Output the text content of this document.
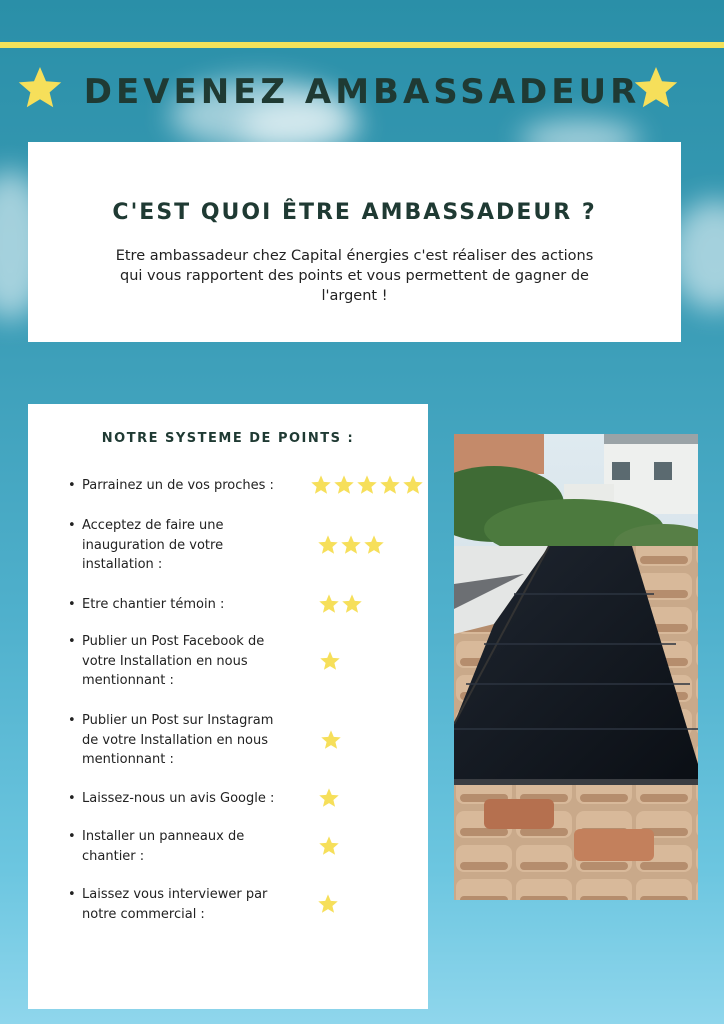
DEVENEZ AMBASSADEUR
C'EST QUOI ÊTRE AMBASSADEUR ?

Etre ambassadeur chez Capital énergies c'est réaliser des actions
qui vous rapportent des points et vous permettent de gagner de
l'argent !

NOTRE SYSTEME DE POINTS :
• Parrainez un de vos proches :
• Acceptez de faire une
inauguration de votre
installation :
• Etre chantier témoin :
• Publier un Post Facebook de
votre Installation en nous
mentionnant :
• Publier un Post sur Instagram
de votre Installation en nous
mentionnant :
• Laissez-nous un avis Google :
• Installer un panneaux de
chantier :
• Laissez vous interviewer par
notre commercial :
